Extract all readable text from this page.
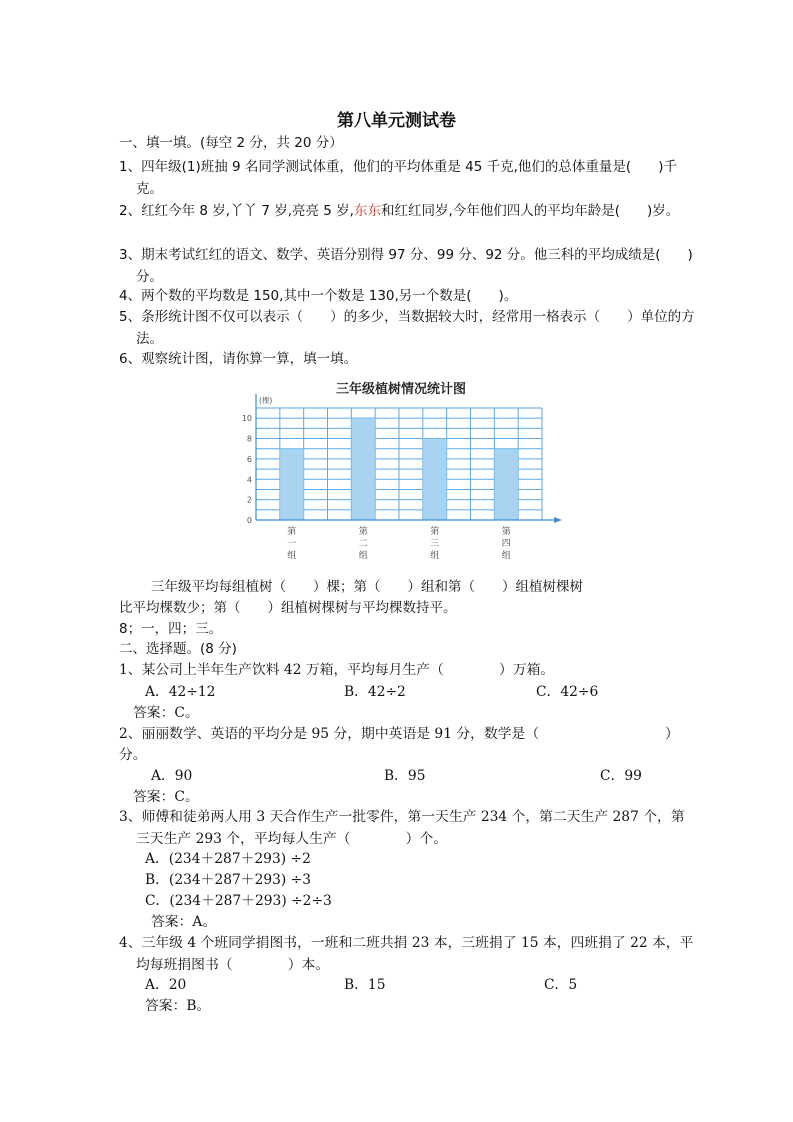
第八单元测试卷
一、填一填。(每空 2 分，共 20 分）
1、四年级(1)班抽 9 名同学测试体重，他们的平均体重是 45 千克,他们的总体重量是(　　)千克。
2、红红今年 8 岁,丫丫 7 岁,亮亮 5 岁,东东和红红同岁,今年他们四人的平均年龄是(　　)岁。
3、期末考试红红的语文、数学、英语分别得 97 分、99 分、92 分。他三科的平均成绩是(　　)分。
4、两个数的平均数是 150,其中一个数是 130,另一个数是(　　)。
5、条形统计图不仅可以表示（　　）的多少，当数据较大时，经常用一格表示（　　）单位的方法。
6、观察统计图，请你算一算，填一填。
三年级植树情况统计图
(棵)
0
2
4
6
8
10
第
一
组
第
二
组
第
三
组
第
四
组
三年级平均每组植树（　　）棵；第（　　）组和第（　　）组植树棵树
比平均棵数少；第（　　）组植树棵树与平均棵数持平。
8；一，四；三。
二、选择题。(8 分)
1、某公司上半年生产饮料 42 万箱，平均每月生产（　　　　）万箱。
A．42÷12	B．42÷2	C．42÷6
答案：C。
2、丽丽数学、英语的平均分是 95 分，期中英语是 91 分，数学是（	）
分。
A．90	B．95	C．99
答案：C。
3、师傅和徒弟两人用 3 天合作生产一批零件，第一天生产 234 个，第二天生产 287 个，第三天生产 293 个，平均每人生产（　　　　）个。
A．(234＋287＋293) ÷2
B．(234＋287＋293) ÷3
C．(234＋287＋293) ÷2÷3
答案：A。
4、三年级 4 个班同学捐图书，一班和二班共捐 23 本，三班捐了 15 本，四班捐了 22 本，平均每班捐图书（　　　　）本。
A．20	B．15	C．5
答案：B。
